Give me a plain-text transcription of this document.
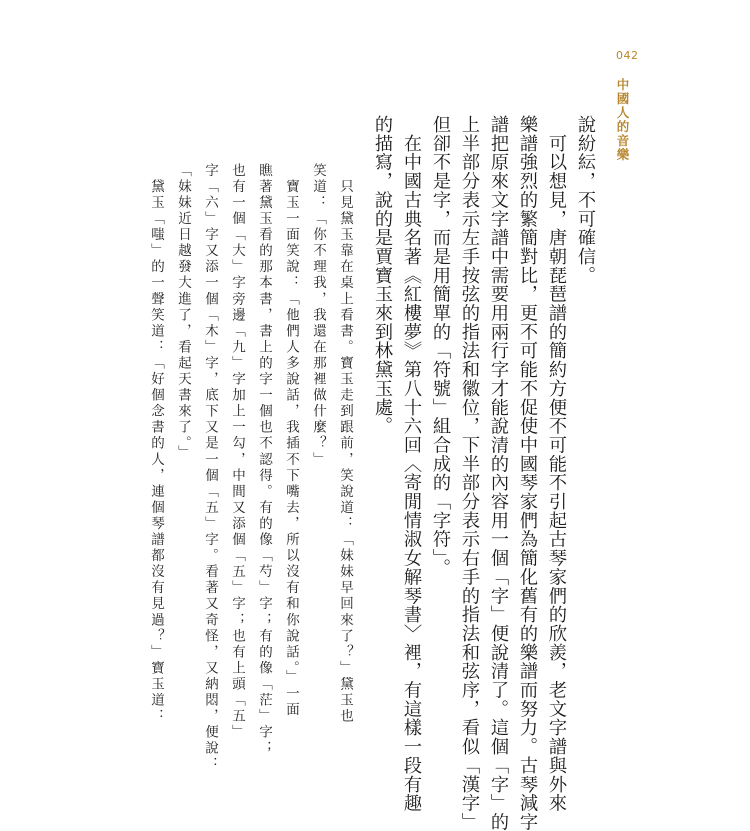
042
中國人的音樂

說紛紜，不可確信。

　可以想見，唐朝琵琶譜的簡約方便不可能不引起古琴家們的欣羨，老文字譜與外來

樂譜強烈的繁簡對比，更不可能不促使中國琴家們為簡化舊有的樂譜而努力。古琴減字

譜把原來文字譜中需要用兩行字才能說清的內容用一個「字」便說清了。這個「字」的

上半部分表示左手按弦的指法和徽位，下半部分表示右手的指法和弦序，看似「漢字」

但卻不是字，而是用簡單的「符號」組合成的「字符」。

　在中國古典名著《紅樓夢》第八十六回〈寄閒情淑女解琴書〉裡，有這樣一段有趣

的描寫，說的是賈寶玉來到林黛玉處。

　只見黛玉靠在桌上看書。寶玉走到跟前，笑說道：「妹妹早回來了？」黛玉也

笑道：「你不理我，我還在那裡做什麼？」

　寶玉一面笑說：「他們人多說話，我插不下嘴去，所以沒有和你說話。」一面

瞧著黛玉看的那本書，書上的字一個也不認得。有的像「芍」字；有的像「茫」字；

也有一個「大」字旁邊「九」字加上一勾，中間又添個「五」字；也有上頭「五」

字「六」字又添一個「木」字，底下又是一個「五」字。看著又奇怪，又納悶，便說：

「妹妹近日越發大進了，看起天書來了。」

　黛玉「嗤」的一聲笑道：「好個念書的人，連個琴譜都沒有見過？」寶玉道：
